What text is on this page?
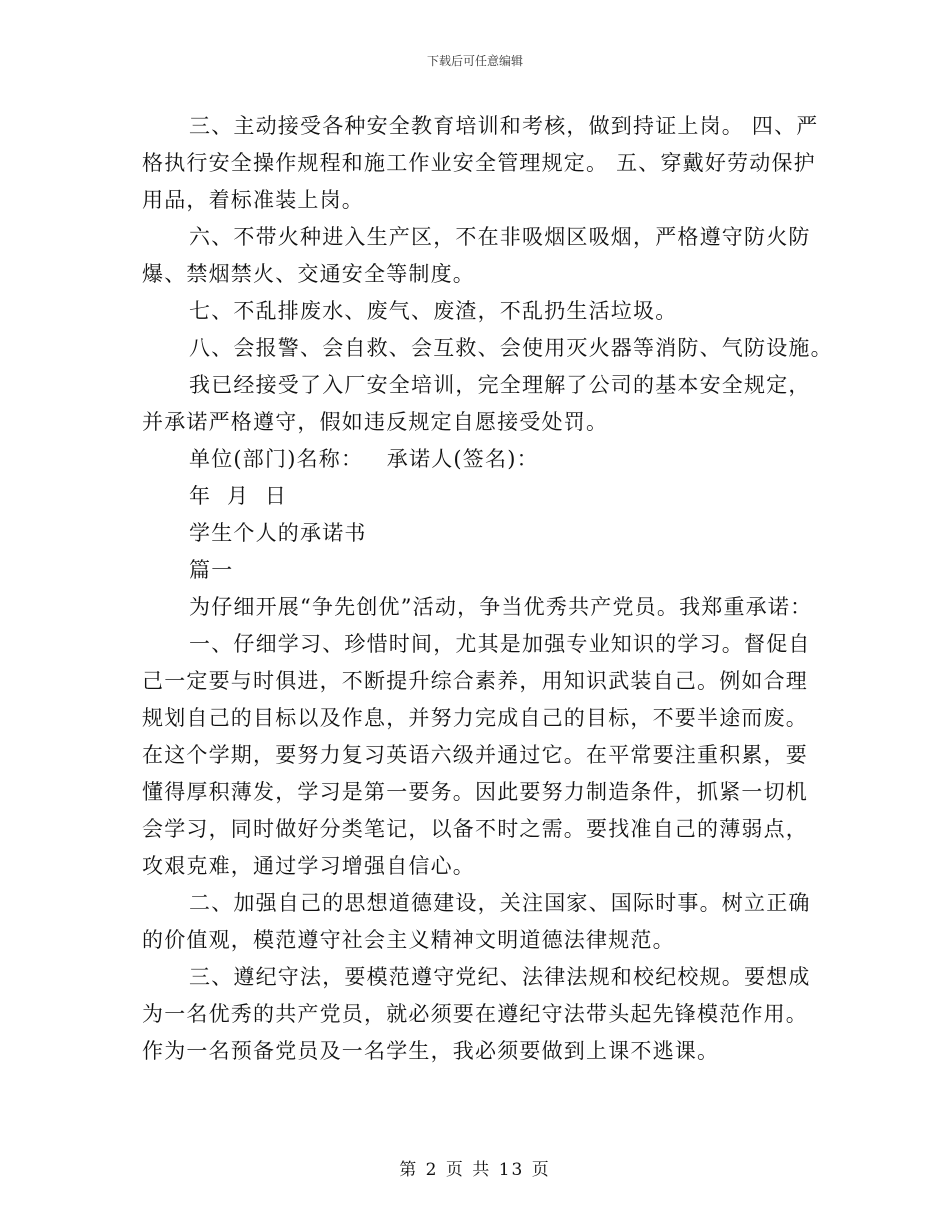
下载后可任意编辑

三、主动接受各种安全教育培训和考核，做到持证上岗。 四、严
格执行安全操作规程和施工作业安全管理规定。 五、穿戴好劳动保护
用品，着标准装上岗。

六、不带火种进入生产区，不在非吸烟区吸烟，严格遵守防火防
爆、禁烟禁火、交通安全等制度。

七、不乱排废水、废气、废渣，不乱扔生活垃圾。

八、会报警、会自救、会互救、会使用灭火器等消防、气防设施。

我已经接受了入厂安全培训，完全理解了公司的基本安全规定，
并承诺严格遵守，假如违反规定自愿接受处罚。

单位(部门)名称：   承诺人(签名)：

年  月  日

学生个人的承诺书

篇一

为仔细开展“争先创优”活动，争当优秀共产党员。我郑重承诺：

一、仔细学习、珍惜时间，尤其是加强专业知识的学习。督促自
己一定要与时俱进，不断提升综合素养，用知识武装自己。例如合理
规划自己的目标以及作息，并努力完成自己的目标，不要半途而废。
在这个学期，要努力复习英语六级并通过它。在平常要注重积累，要
懂得厚积薄发，学习是第一要务。因此要努力制造条件，抓紧一切机
会学习，同时做好分类笔记，以备不时之需。要找准自己的薄弱点，
攻艰克难，通过学习增强自信心。

二、加强自己的思想道德建设，关注国家、国际时事。树立正确
的价值观，模范遵守社会主义精神文明道德法律规范。

三、遵纪守法，要模范遵守党纪、法律法规和校纪校规。要想成
为一名优秀的共产党员，就必须要在遵纪守法带头起先锋模范作用。
作为一名预备党员及一名学生，我必须要做到上课不逃课。

第 2 页 共 13 页
